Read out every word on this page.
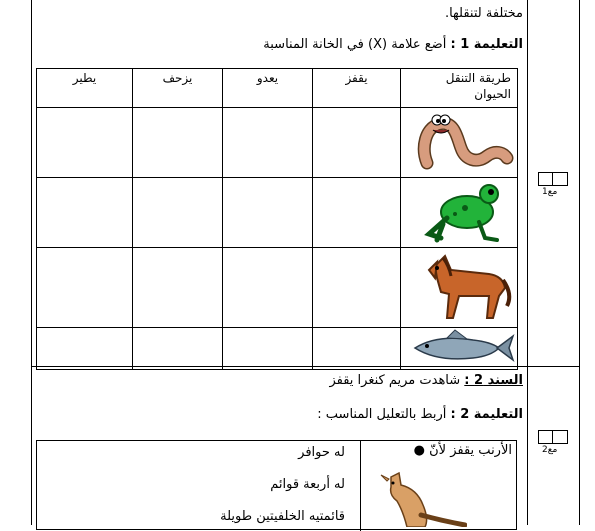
مختلفة لتنقلها.
التعليمة 1 : أضع علامة (X) في الخانة المناسبة
طريقة التنقل
الحيوان	يقفز	يعدو	يزحف	يطير

مع1
السند 2 : شاهدت مريم كنغرا يقفز
التعليمة 2 : أربط بالتعليل المناسب :
مع2
الأرنب يقفز لأنّ ●
له حوافر
له أربعة قوائم
قائمتيه الخلفيتين طويلة
